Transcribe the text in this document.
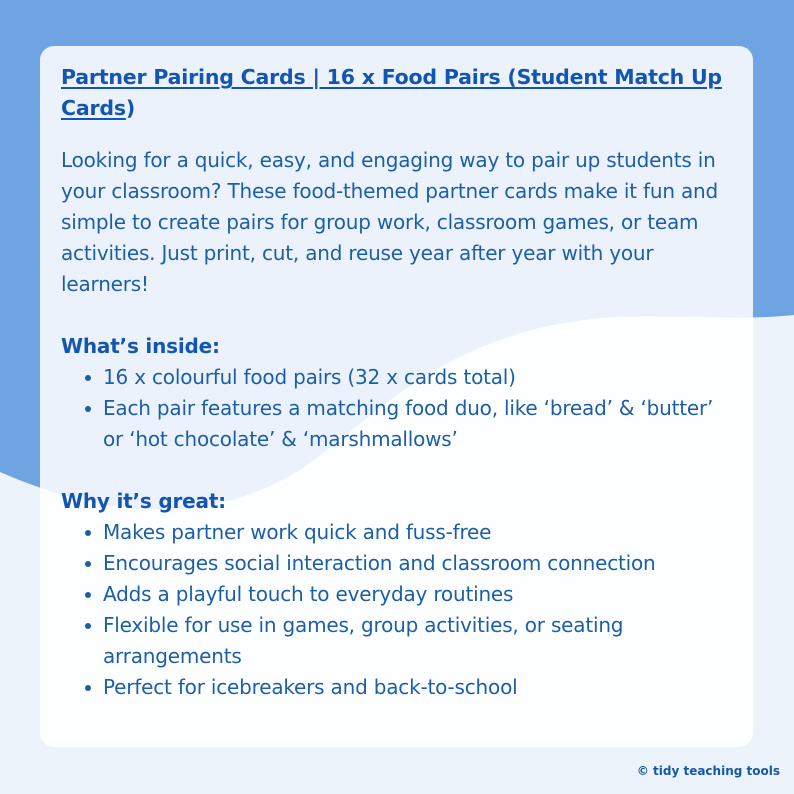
Partner Pairing Cards | 16 x Food Pairs (Student Match Up Cards)

Looking for a quick, easy, and engaging way to pair up students in your classroom? These food-themed partner cards make it fun and simple to create pairs for group work, classroom games, or team activities. Just print, cut, and reuse year after year with your learners!

What’s inside:
16 x colourful food pairs (32 x cards total)
Each pair features a matching food duo, like ‘bread’ & ‘butter’ or ‘hot chocolate’ & ‘marshmallows’
Why it’s great:
Makes partner work quick and fuss-free
Encourages social interaction and classroom connection
Adds a playful touch to everyday routines
Flexible for use in games, group activities, or seating arrangements
Perfect for icebreakers and back-to-school
© tidy teaching tools
